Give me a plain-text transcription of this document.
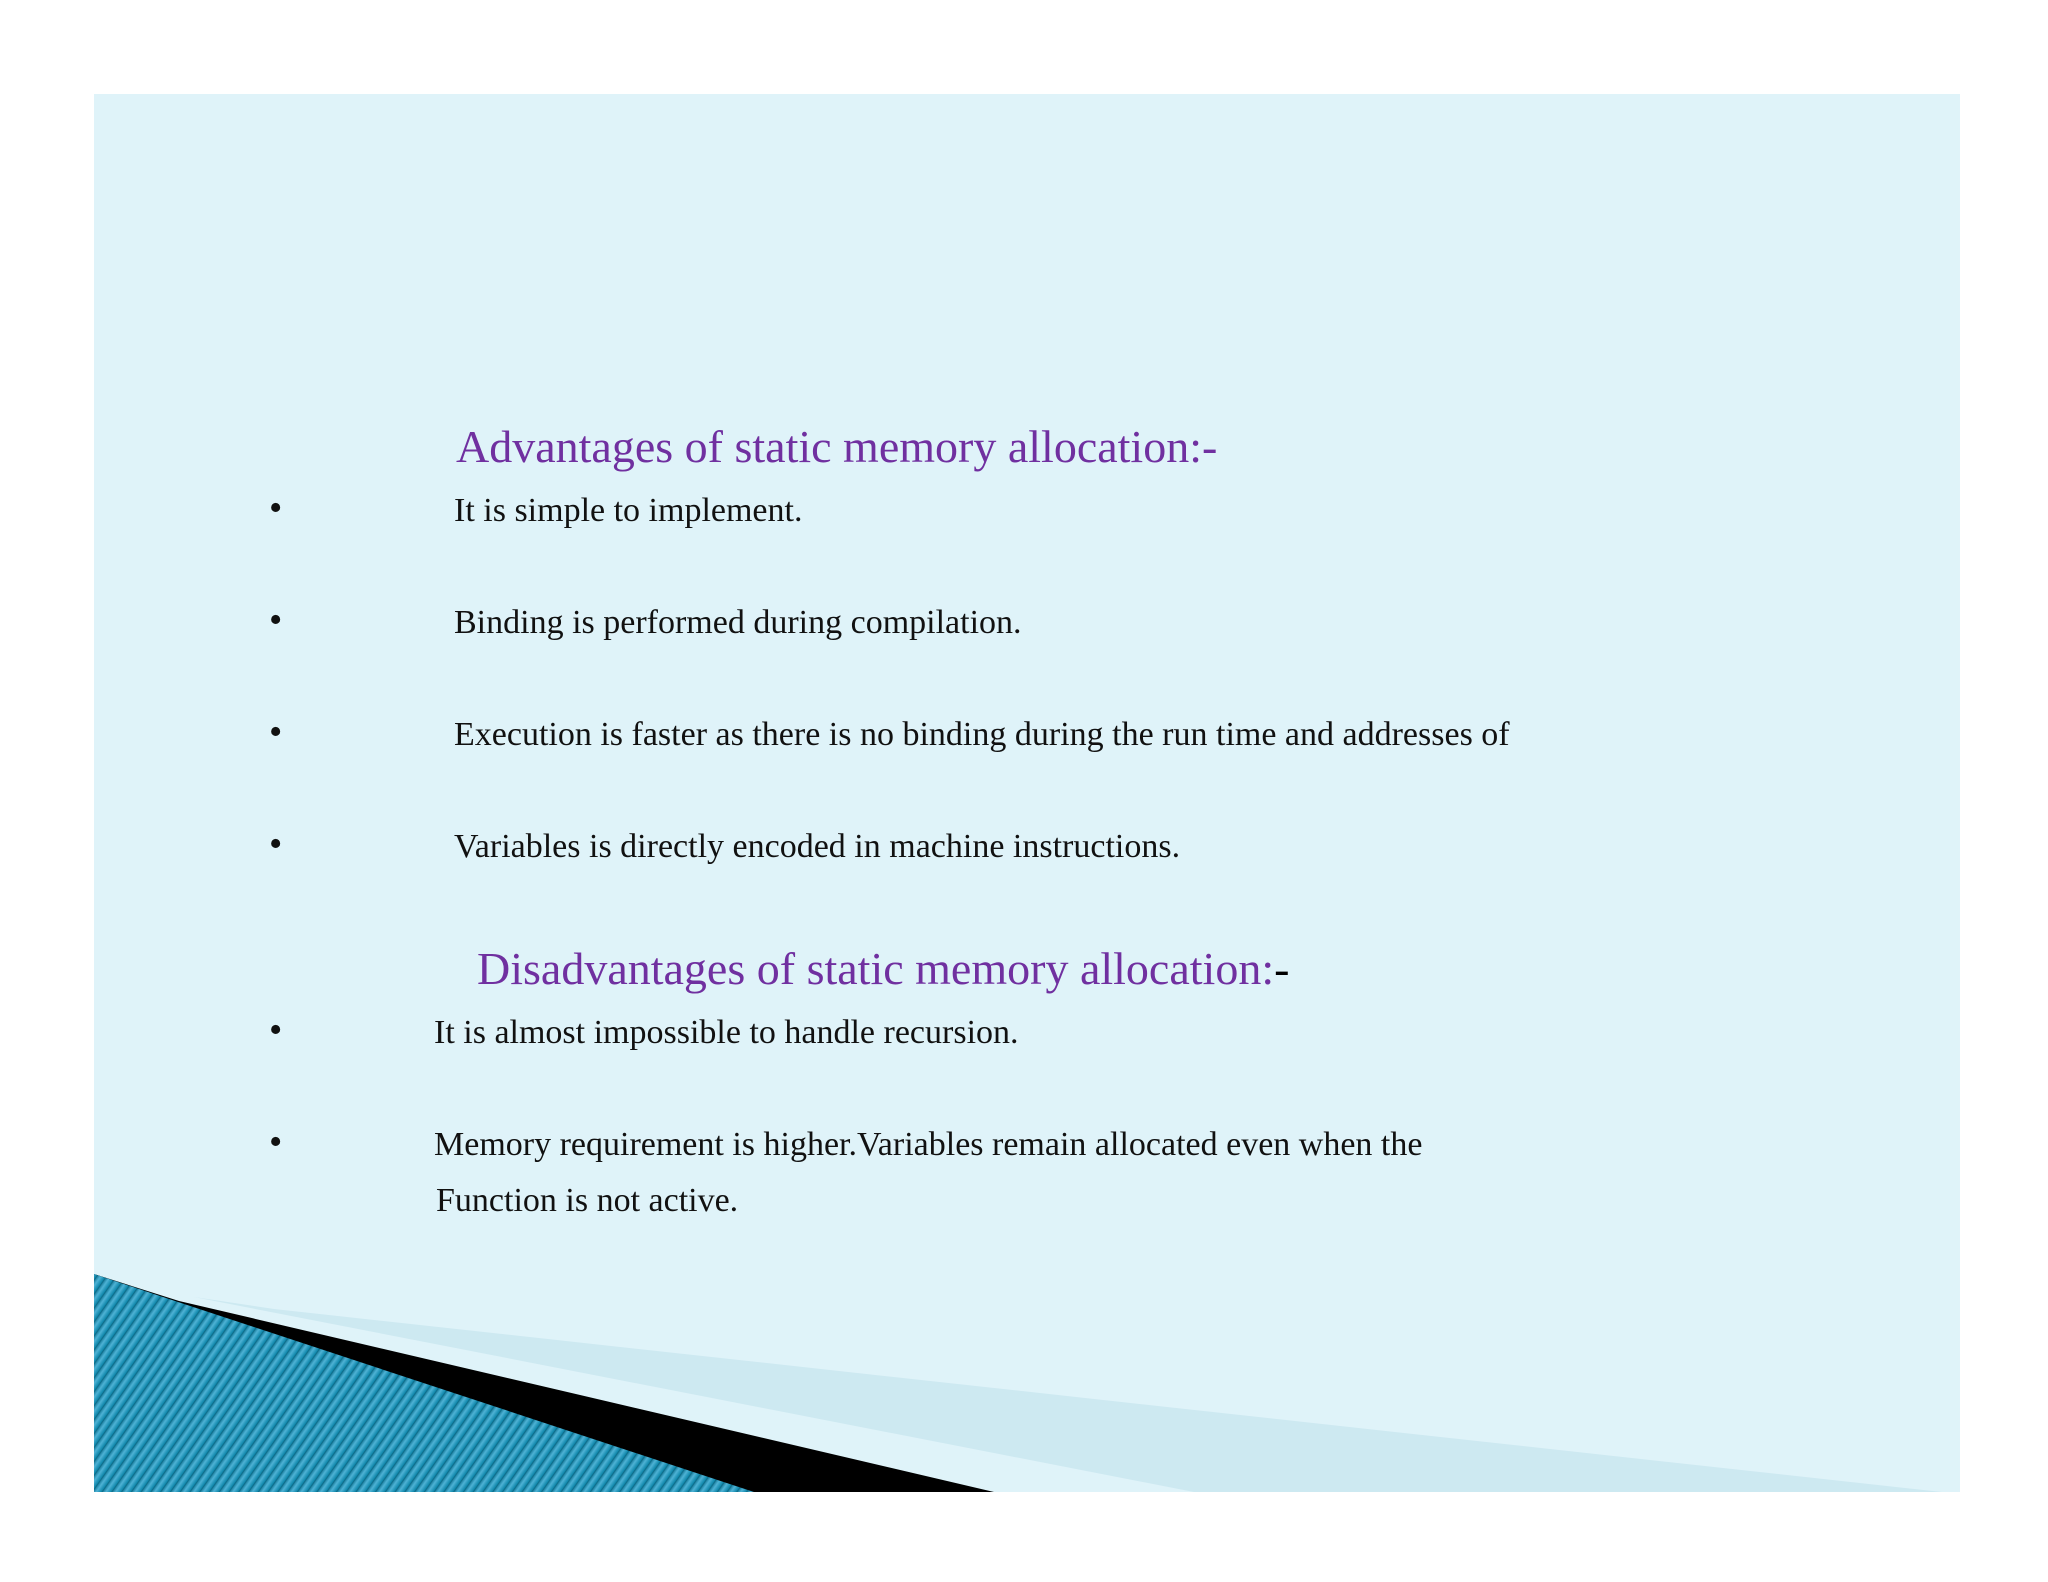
Advantages of static memory allocation:-
•	It is simple to implement.
•	Binding is performed during compilation.
•	Execution is faster as there is no binding during the run time and addresses of
•	Variables is directly encoded in machine instructions.
Disadvantages of static memory allocation:-
•	It is almost impossible to handle recursion.
•	Memory requirement is higher.Variables remain allocated even when the
Function is not active.
